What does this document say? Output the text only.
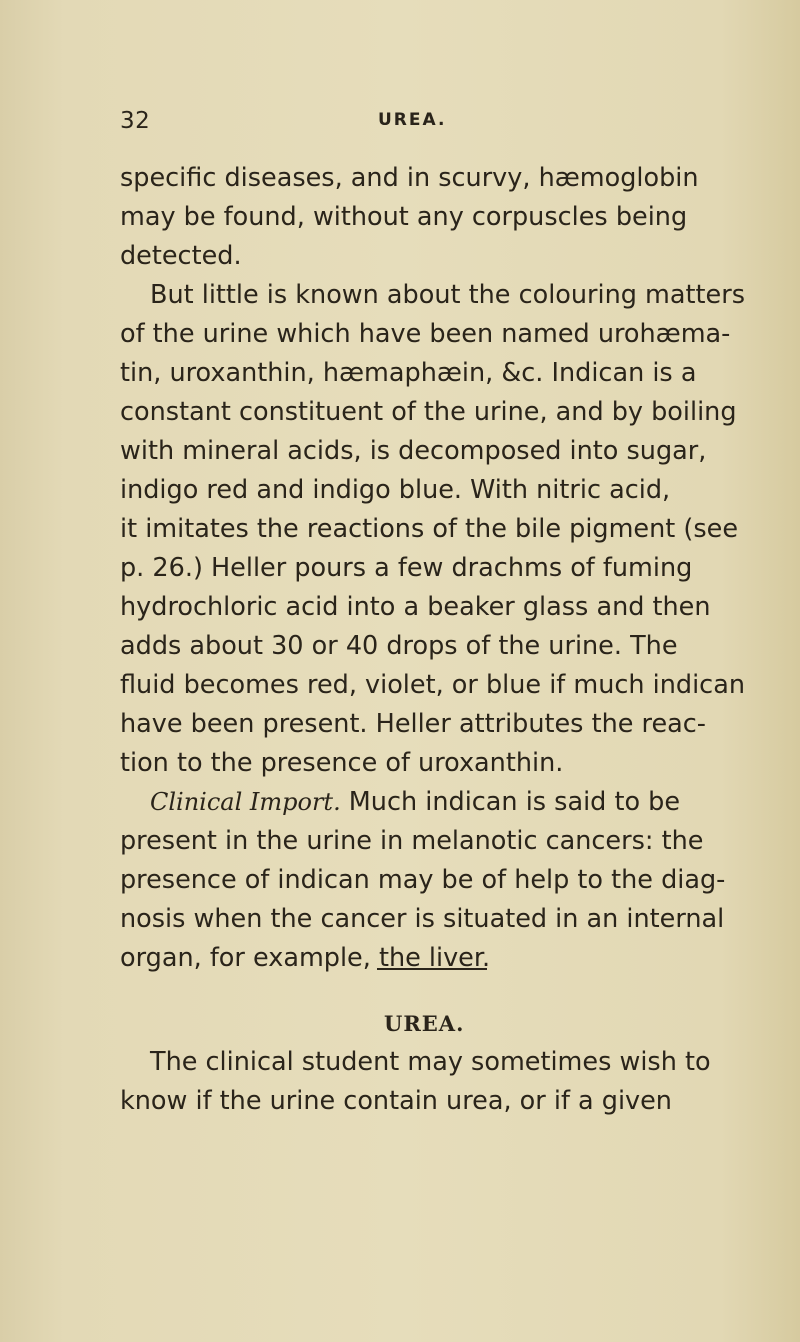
32	UREA.
specific diseases, and in scurvy, hæmoglobin
may be found, without any corpuscles being
detected.
But little is known about the colouring matters
of the urine which have been named urohæma-
tin, uroxanthin, hæmaphæin, &c. Indican is a
constant constituent of the urine, and by boiling
with mineral acids, is decomposed into sugar,
indigo red and indigo blue. With nitric acid,
it imitates the reactions of the bile pigment (see
p. 26.) Heller pours a few drachms of fuming
hydrochloric acid into a beaker glass and then
adds about 30 or 40 drops of the urine. The
fluid becomes red, violet, or blue if much indican
have been present. Heller attributes the reac-
tion to the presence of uroxanthin.
Clinical Import. Much indican is said to be
present in the urine in melanotic cancers: the
presence of indican may be of help to the diag-
nosis when the cancer is situated in an internal
organ, for example, the liver.
UREA.
The clinical student may sometimes wish to
know if the urine contain urea, or if a given
